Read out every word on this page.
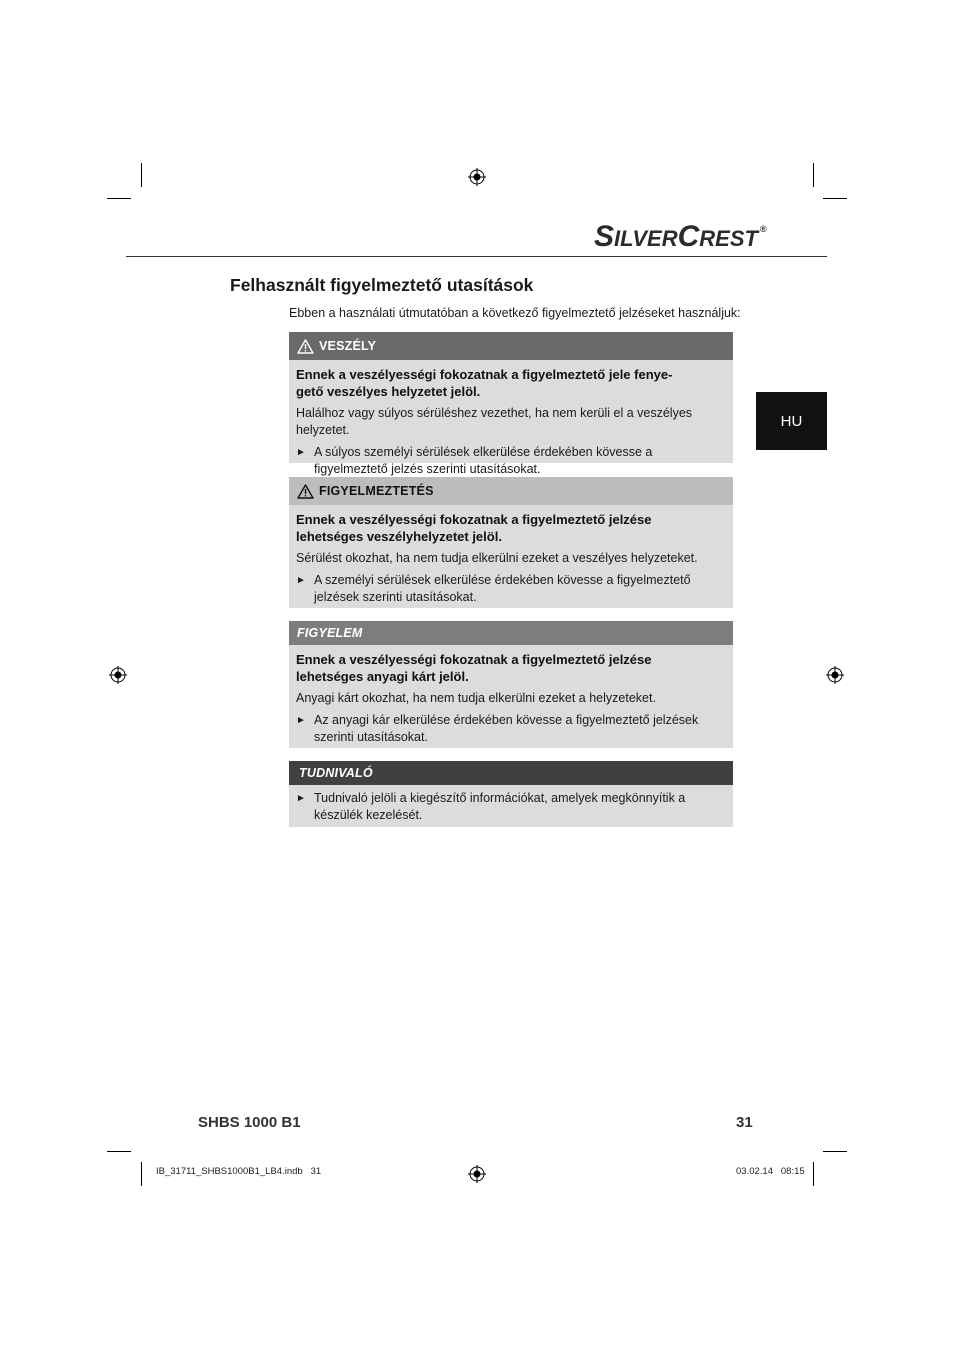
SILVERCREST ®
HU
Felhasznált figyelmeztető utasítások
Ebben a használati útmutatóban a következő figyelmeztető jelzéseket használjuk:
VESZÉLY
Ennek a veszélyességi fokozatnak a figyelmeztető jele fenye-
gető veszélyes helyzetet jelöl.
Halálhoz vagy súlyos sérüléshez vezethet, ha nem kerüli el a veszélyes helyzetet.
► A súlyos személyi sérülések elkerülése érdekében kövesse a figyelmeztető jelzés szerinti utasításokat.
FIGYELMEZTETÉS
Ennek a veszélyességi fokozatnak a figyelmeztető jelzése
lehetséges veszélyhelyzetet jelöl.
Sérülést okozhat, ha nem tudja elkerülni ezeket a veszélyes helyzeteket.
► A személyi sérülések elkerülése érdekében kövesse a figyelmeztető jelzések szerinti utasításokat.
FIGYELEM
Ennek a veszélyességi fokozatnak a figyelmeztető jelzése
lehetséges anyagi kárt jelöl.
Anyagi kárt okozhat, ha nem tudja elkerülni ezeket a helyzeteket.
► Az anyagi kár elkerülése érdekében kövesse a figyelmeztető jelzések szerinti utasításokat.
TUDNIVALÓ
► Tudnivaló jelöli a kiegészítő információkat, amelyek megkönnyítik a készülék kezelését.
SHBS 1000 B1	31
IB_31711_SHBS1000B1_LB4.indb   31	03.02.14   08:15
